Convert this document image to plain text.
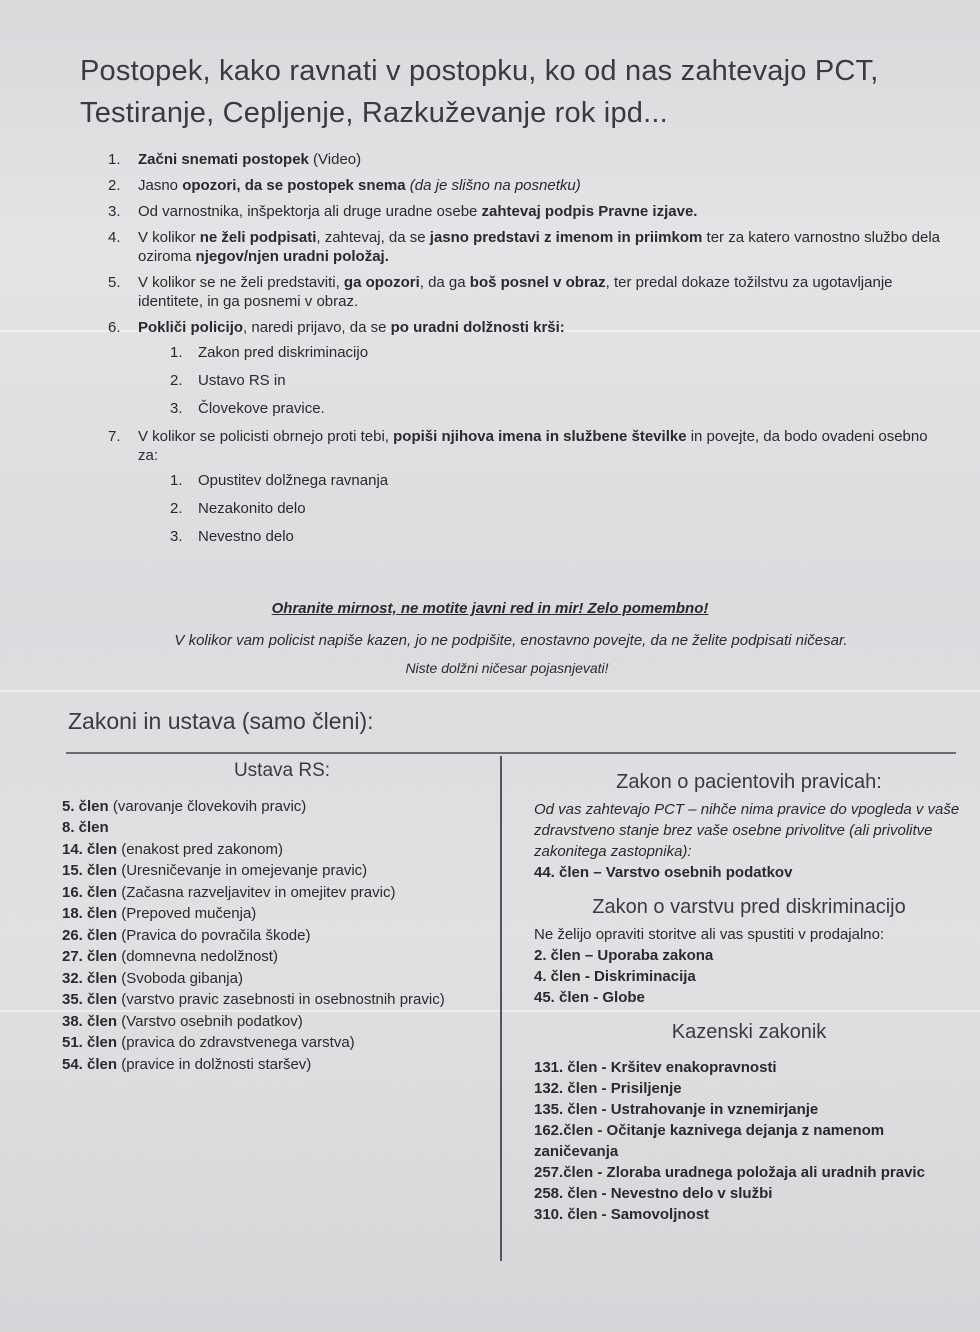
Postopek, kako ravnati v postopku, ko od nas zahtevajo PCT,
Testiranje, Cepljenje, Razkuževanje rok ipd...
1. Začni snemati postopek (Video)
2. Jasno opozori, da se postopek snema (da je slišno na posnetku)
3. Od varnostnika, inšpektorja ali druge uradne osebe zahtevaj podpis Pravne izjave.
4. V kolikor ne želi podpisati, zahtevaj, da se jasno predstavi z imenom in priimkom ter za katero varnostno službo dela oziroma njegov/njen uradni položaj.
5. V kolikor se ne želi predstaviti, ga opozori, da ga boš posnel v obraz, ter predal dokaze tožilstvu za ugotavljanje identitete, in ga posnemi v obraz.
6. Pokliči policijo, naredi prijavo, da se po uradni dolžnosti krši:
1. Zakon pred diskriminacijo
2. Ustavo RS in
3. Človekove pravice.
7. V kolikor se policisti obrnejo proti tebi, popiši njihova imena in službene številke in povejte, da bodo ovadeni osebno za:
1. Opustitev dolžnega ravnanja
2. Nezakonito delo
3. Nevestno delo
Ohranite mirnost, ne motite javni red in mir! Zelo pomembno!
V kolikor vam policist napiše kazen, jo ne podpišite, enostavno povejte, da ne želite podpisati ničesar.
Niste dolžni ničesar pojasnjevati!
Zakoni in ustava (samo členi):
Ustava RS:
5. člen (varovanje človekovih pravic)
8. člen
14. člen (enakost pred zakonom)
15. člen (Uresničevanje in omejevanje pravic)
16. člen (Začasna razveljavitev in omejitev pravic)
18. člen (Prepoved mučenja)
26. člen (Pravica do povračila škode)
27. člen (domnevna nedolžnost)
32. člen (Svoboda gibanja)
35. člen (varstvo pravic zasebnosti in osebnostnih pravic)
38. člen (Varstvo osebnih podatkov)
51. člen (pravica do zdravstvenega varstva)
54. člen (pravice in dolžnosti staršev)
Zakon o pacientovih pravicah:
Od vas zahtevajo PCT – nihče nima pravice do vpogleda v vaše zdravstveno stanje brez vaše osebne privolitve (ali privolitve zakonitega zastopnika):
44. člen – Varstvo osebnih podatkov
Zakon o varstvu pred diskriminacijo
Ne želijo opraviti storitve ali vas spustiti v prodajalno:
2. člen – Uporaba zakona
4. člen - Diskriminacija
45. člen - Globe
Kazenski zakonik
131. člen - Kršitev enakopravnosti
132. člen - Prisiljenje
135. člen - Ustrahovanje in vznemirjanje
162.člen - Očitanje kaznivega dejanja z namenom zaničevanja
257.člen - Zloraba uradnega položaja ali uradnih pravic
258. člen - Nevestno delo v službi
310. člen - Samovoljnost
